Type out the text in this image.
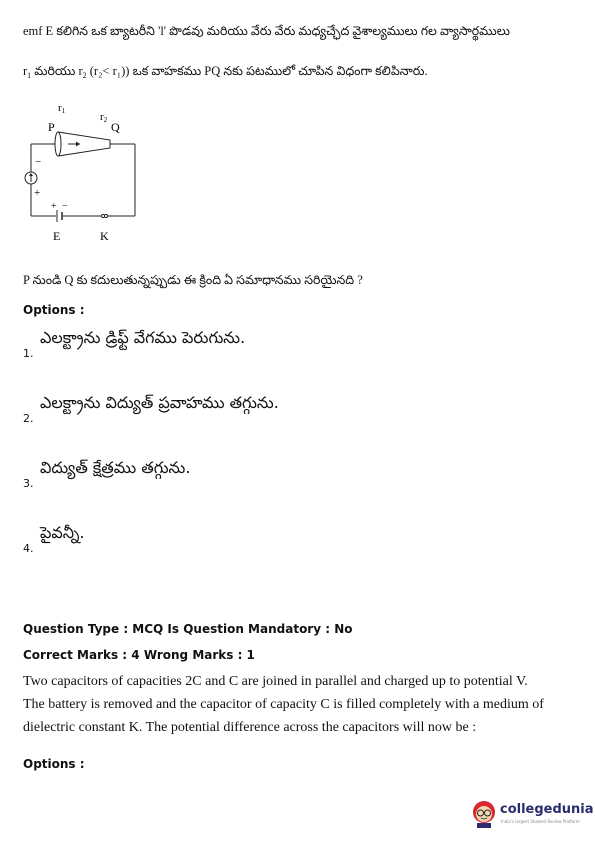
emf E కలిగిన ఒక బ్యాటరీని 'l' పొడవు మరియు వేరు వేరు మధ్యచ్ఛేద వైశాల్యములు గల వ్యాసార్థములు
$r_1$ మరియు $r_2$ (r₂< r₁)) ఒక వాహకము PQ నకు పటములో చూపిన విధంగా కలిపినారు.
r1	r2
P	Q
−
+
+ −
E	K
P నుండి Q కు కదులుతున్నప్పుడు ఈ క్రింది ఏ సమాధానము సరియైనది ?
Options :
1.
ఎలక్ట్రాను డ్రిఫ్ట్ వేగము పెరుగును.
2.
ఎలక్ట్రాను విద్యుత్ ప్రవాహము తగ్గును.
3.
విద్యుత్ క్షేత్రము తగ్గును.
4.
పైవన్నీ.
Question Type : MCQ Is Question Mandatory : No
Correct Marks : 4 Wrong Marks : 1
Two capacitors of capacities 2C and C are joined in parallel and charged up to potential V.
The battery is removed and the capacitor of capacity C is filled completely with a medium of
dielectric constant K. The potential difference across the capacitors will now be :
Options :
collegedunia
India's largest Student Review Platform
